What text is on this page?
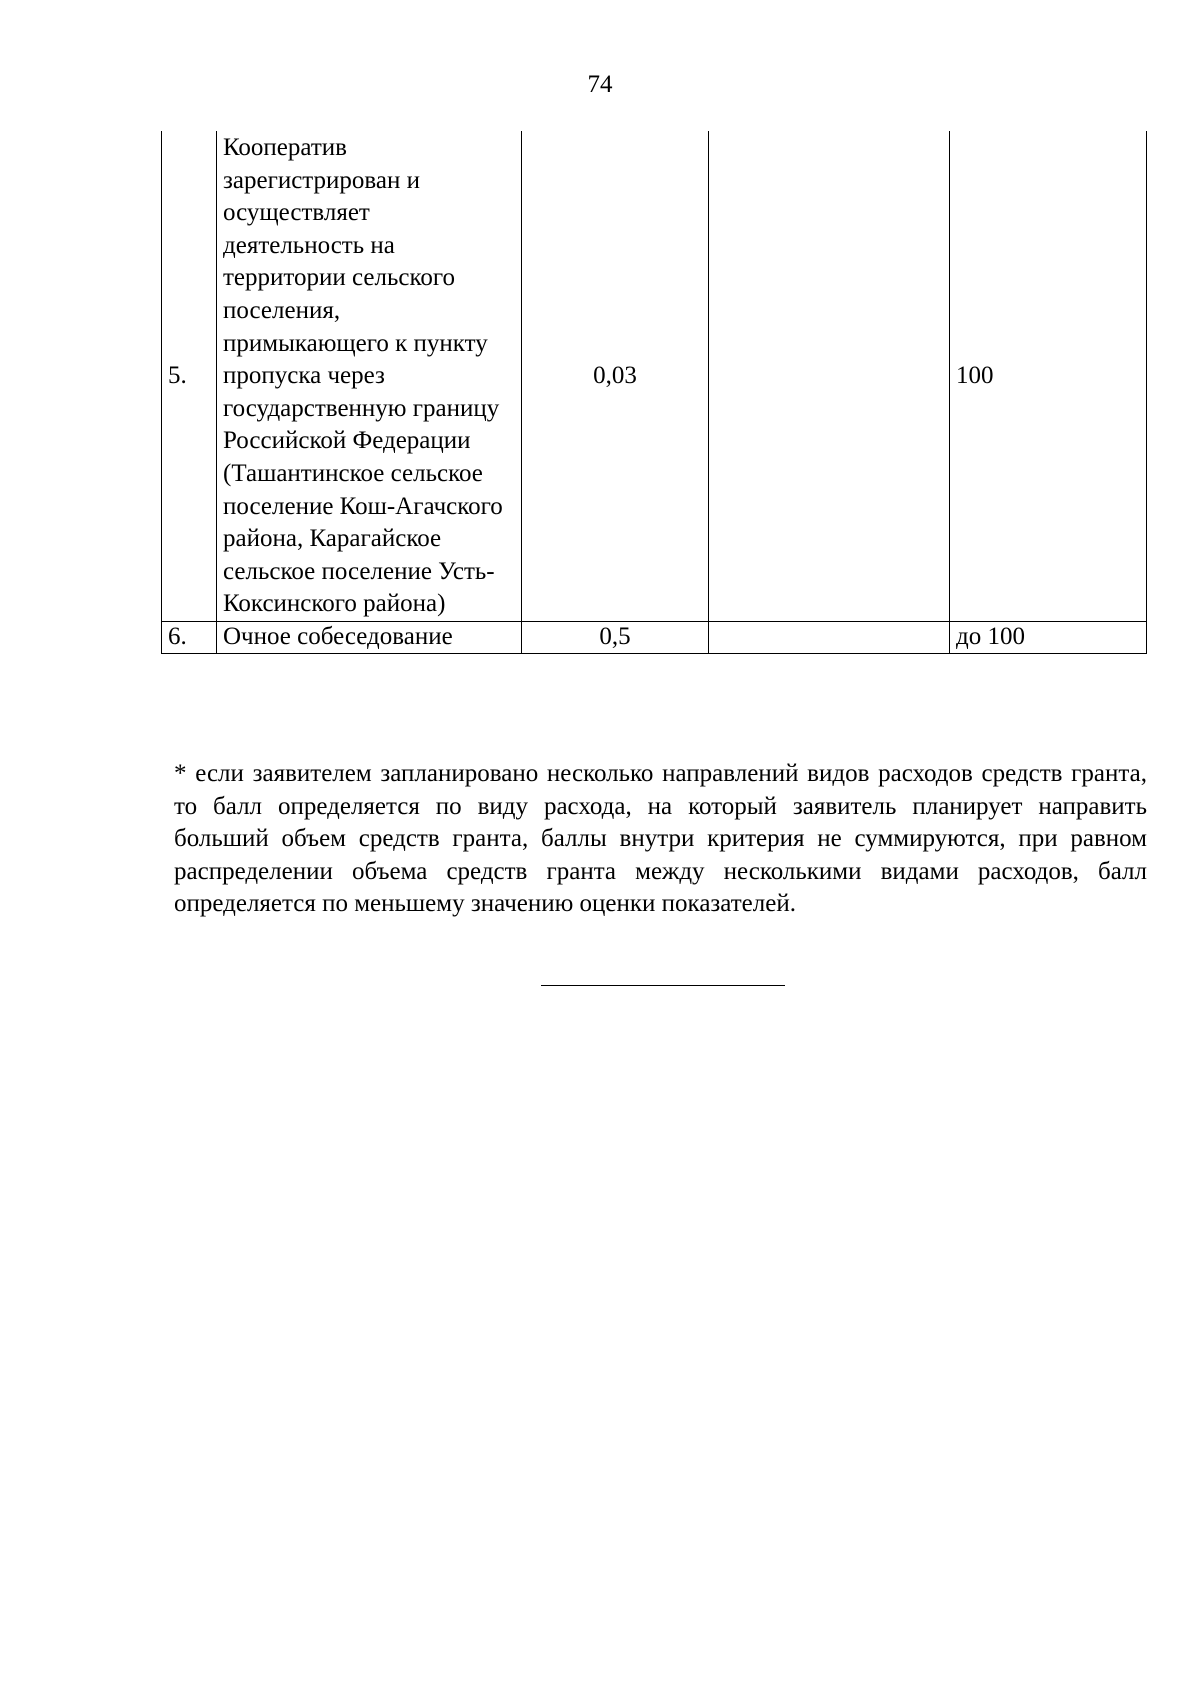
74
5.	Кооператив зарегистрирован и осуществляет деятельность на территории сельского поселения, примыкающего к пункту пропуска через государственную границу Российской Федерации (Ташантинское сельское поселение Кош-Агачского района, Карагайское сельское поселение Усть-Коксинского района)	0,03		100
6.	Очное собеседование	0,5		до 100
* если заявителем запланировано несколько направлений видов расходов средств гранта, то балл определяется по виду расхода, на который заявитель планирует направить больший объем средств гранта, баллы внутри критерия не суммируются, при равном распределении объема средств гранта между несколькими видами расходов, балл определяется по меньшему значению оценки показателей.
